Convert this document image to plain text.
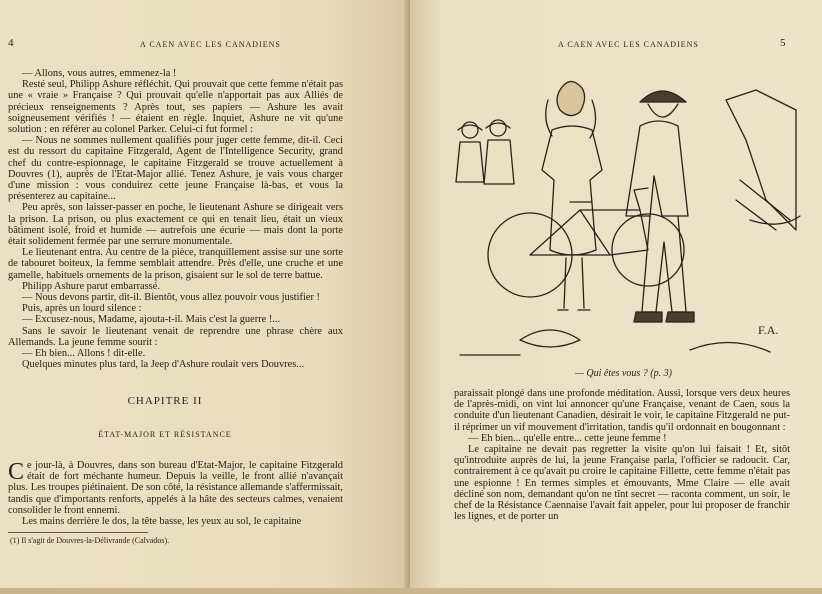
4	A CAEN AVEC LES CANADIENS

— Allons, vous autres, emmenez-la !

Resté seul, Philipp Ashure réfléchit. Qui prouvait que cette femme n'était pas une « vraie » Française ? Qui prouvait qu'elle n'apportait pas aux Alliés de précieux renseignements ? Après tout, ses papiers — Ashure les avait soigneusement vérifiés ! — étaient en règle. Inquiet, Ashure ne vit qu'une solution : en référer au colonel Parker. Celui-ci fut formel :

— Nous ne sommes nullement qualifiés pour juger cette femme, dit-il. Ceci est du ressort du capitaine Fitzgerald, Agent de l'Intelligence Security, grand chef du contre-espionnage, le capitaine Fitzgerald se trouve actuellement à Douvres (1), auprès de l'Etat-Major allié. Tenez Ashure, je vais vous charger d'une mission : vous conduirez cette jeune Française là-bas, et vous la présenterez au capitaine...

Peu après, son laisser-passer en poche, le lieutenant Ashure se dirigeait vers la prison. La prison, ou plus exactement ce qui en tenait lieu, était un vieux bâtiment isolé, froid et humide — autrefois une écurie — mais dont la porte était solidement fermée par une serrure monumentale.

Le lieutenant entra. Au centre de la pièce, tranquillement assise sur une sorte de tabouret boiteux, la femme semblait attendre. Près d'elle, une cruche et une gamelle, habituels ornements de la prison, gisaient sur le sol de terre battue.

Philipp Ashure parut embarrassé.

— Nous devons partir, dit-il. Bientôt, vous allez pouvoir vous justifier !

Puis, après un lourd silence :

— Excusez-nous, Madame, ajouta-t-il. Mais c'est la guerre !...

Sans le savoir le lieutenant venait de reprendre une phrase chère aux Allemands. La jeune femme sourit :

— Eh bien... Allons ! dit-elle.

Quelques minutes plus tard, la Jeep d'Ashure roulait vers Douvres...

CHAPITRE II
ÉTAT-MAJOR ET RÉSISTANCE

Ce jour-là, à Douvres, dans son bureau d'Etat-Major, le capitaine Fitzgerald était de fort méchante humeur. Depuis la veille, le front allié n'avançait plus. Les troupes piétinaient. De son côté, la résistance allemande s'affermissait, tandis que d'importants renforts, appelés à la hâte des secteurs calmes, venaient consolider le front ennemi.

Les mains derrière le dos, la tête basse, les yeux au sol, le capitaine

(1) Il s'agit de Douvres-la-Délivrande (Calvados).
A CAEN AVEC LES CANADIENS	5
F.A.
— Qui êtes vous ? (p. 3)

paraissait plongé dans une profonde méditation. Aussi, lorsque vers deux heures de l'après-midi, on vint lui annoncer qu'une Française, venant de Caen, sous la conduite d'un lieutenant Canadien, désirait le voir, le capitaine Fitzgerald ne put-il réprimer un vif mouvement d'irritation, tandis qu'il ordonnait en bougonnant :

— Eh bien... qu'elle entre... cette jeune femme !

Le capitaine ne devait pas regretter la visite qu'on lui faisait ! Et, sitôt qu'introduite auprès de lui, la jeune Française parla, l'officier se radoucit. Car, contrairement à ce qu'avait pu croire le capitaine Fillette, cette femme n'était pas une espionne ! En termes simples et émouvants, Mme Claire — elle avait décliné son nom, demandant qu'on ne tînt secret — raconta comment, un soir, le chef de la Résistance Caennaise l'avait fait appeler, pour lui proposer de franchir les lignes, et de porter un
